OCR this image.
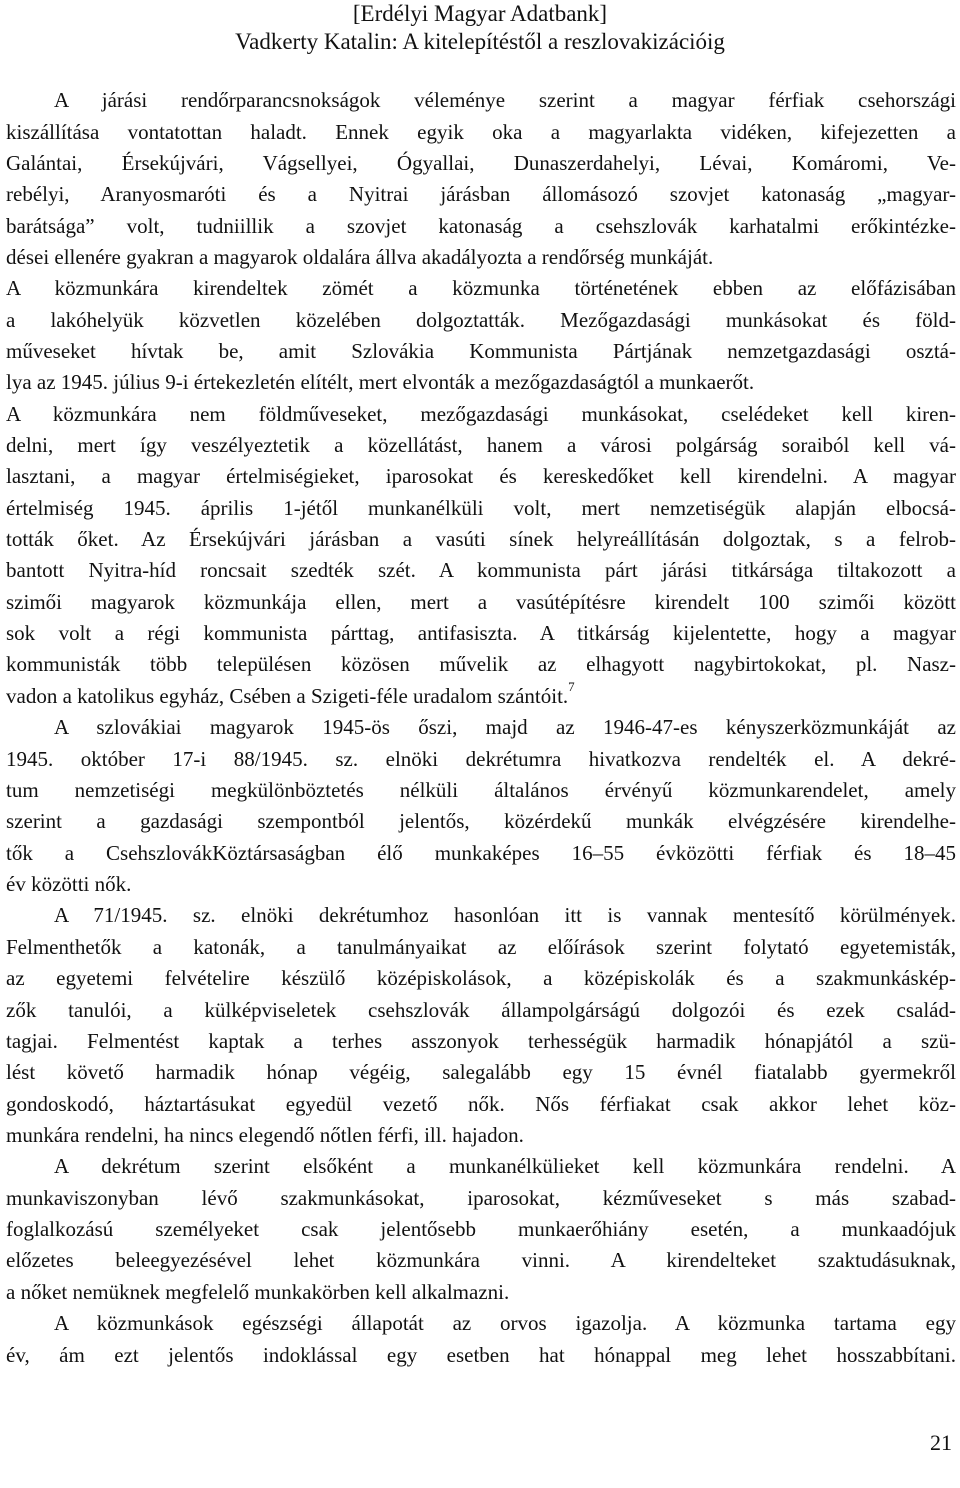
[Erdélyi Magyar Adatbank]
Vadkerty Katalin: A kitelepítéstől a reszlovakizációig
A járási rendőrparancsnokságok véleménye szerint a magyar férfiak csehországi
kiszállítása vontatottan haladt. Ennek egyik oka a magyarlakta vidéken, kifejezetten a
Galántai, Érsekújvári, Vágsellyei, Ógyallai, Dunaszerdahelyi, Lévai, Komáromi, Ve-
rebélyi, Aranyosmaróti és a Nyitrai járásban állomásozó szovjet katonaság „magyar-
barátsága” volt, tudniillik a szovjet katonaság a csehszlovák karhatalmi erőkintézke-
dései ellenére gyakran a magyarok oldalára állva akadályozta a rendőrség munkáját.
A közmunkára kirendeltek zömét a közmunka történetének ebben az előfázisában
a lakóhelyük közvetlen közelében dolgoztatták. Mezőgazdasági munkásokat és föld-
műveseket hívtak be, amit Szlovákia Kommunista Pártjának nemzetgazdasági osztá-
lya az 1945. július 9-i értekezletén elítélt, mert elvonták a mezőgazdaságtól a munkaerőt.
A közmunkára nem földműveseket, mezőgazdasági munkásokat, cselédeket kell kiren-
delni, mert így veszélyeztetik a közellátást, hanem a városi polgárság soraiból kell vá-
lasztani, a magyar értelmiségieket, iparosokat és kereskedőket kell kirendelni. A magyar
értelmiség 1945. április 1-jétől munkanélküli volt, mert nemzetiségük alapján elbocsá-
tották őket. Az Érsekújvári járásban a vasúti sínek helyreállításán dolgoztak, s a felrob-
bantott Nyitra-híd roncsait szedték szét. A kommunista párt járási titkársága tiltakozott a
szimői magyarok közmunkája ellen, mert a vasútépítésre kirendelt 100 szimői között
sok volt a régi kommunista párttag, antifasiszta. A titkárság kijelentette, hogy a magyar
kommunisták több településen közösen művelik az elhagyott nagybirtokokat, pl. Nasz-
vadon a katolikus egyház, Csében a Szigeti-féle uradalom szántóit.$^7$
A szlovákiai magyarok 1945-ös őszi, majd az 1946-47-es kényszerközmunkáját az
1945. október 17-i 88/1945. sz. elnöki dekrétumra hivatkozva rendelték el. A dekré-
tum nemzetiségi megkülönböztetés nélküli általános érvényű közmunkarendelet, amely
szerint a gazdasági szempontból jelentős, közérdekű munkák elvégzésére kirendelhe-
tők a CsehszlovákKöztársaságban élő munkaképes 16–55 évközötti férfiak és 18–45
év közötti nők.
A 71/1945. sz. elnöki dekrétumhoz hasonlóan itt is vannak mentesítő körülmények.
Felmenthetők a katonák, a tanulmányaikat az előírások szerint folytató egyetemisták,
az egyetemi felvételire készülő középiskolások, a középiskolák és a szakmunkáskép-
zők tanulói, a külképviseletek csehszlovák állampolgárságú dolgozói és ezek család-
tagjai. Felmentést kaptak a terhes asszonyok terhességük harmadik hónapjától a szü-
lést követő harmadik hónap végéig, salegalább egy 15 évnél fiatalabb gyermekről
gondoskodó, háztartásukat egyedül vezető nők. Nős férfiakat csak akkor lehet köz-
munkára rendelni, ha nincs elegendő nőtlen férfi, ill. hajadon.
A dekrétum szerint elsőként a munkanélkülieket kell közmunkára rendelni. A
munkaviszonyban lévő szakmunkásokat, iparosokat, kézműveseket s más szabad-
foglalkozású személyeket csak jelentősebb munkaerőhiány esetén, a munkaadójuk
előzetes beleegyezésével lehet közmunkára vinni. A kirendelteket szaktudásuknak,
a nőket nemüknek megfelelő munkakörben kell alkalmazni.
A közmunkások egészségi állapotát az orvos igazolja. A közmunka tartama egy
év, ám ezt jelentős indoklással egy esetben hat hónappal meg lehet hosszabbítani.
21
